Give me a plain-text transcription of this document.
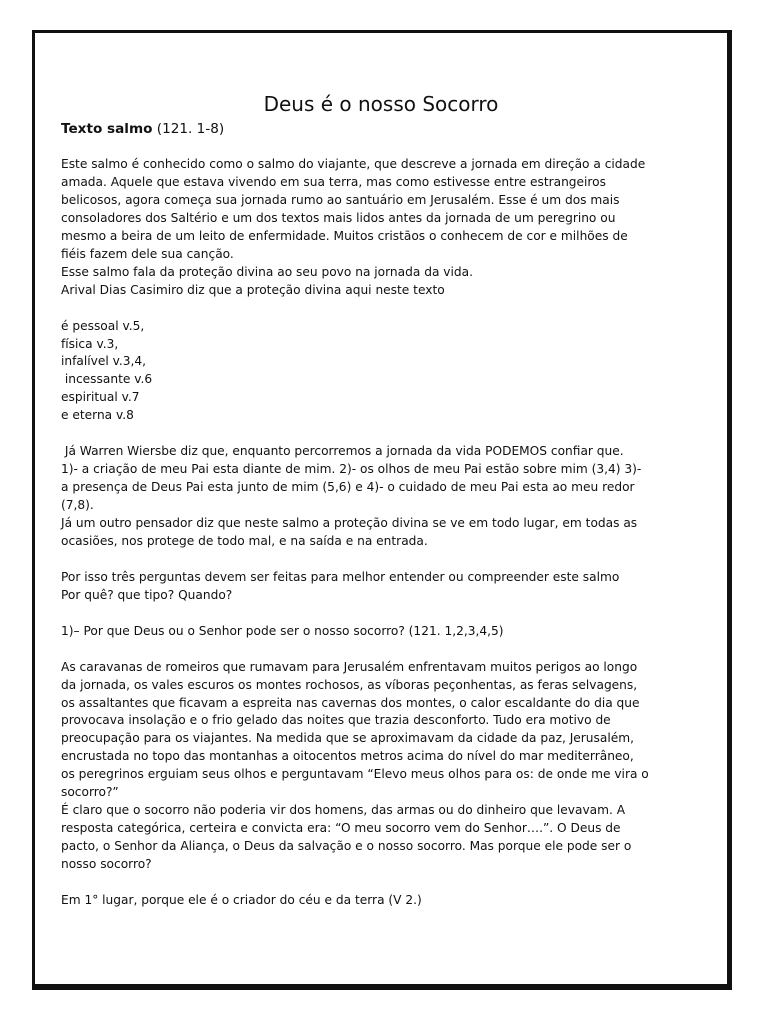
Deus é o nosso Socorro

Texto salmo (121. 1-8)

Este salmo é conhecido como o salmo do viajante, que descreve a jornada em direção a cidade

amada. Aquele que estava vivendo em sua terra, mas como estivesse entre estrangeiros

belicosos, agora começa sua jornada rumo ao santuário em Jerusalém. Esse é um dos mais

consoladores dos Saltério e um dos textos mais lidos antes da jornada de um peregrino ou

mesmo a beira de um leito de enfermidade. Muitos cristãos o conhecem de cor e milhões de

fiéis fazem dele sua canção.

Esse salmo fala da proteção divina ao seu povo na jornada da vida.

Arival Dias Casimiro diz que a proteção divina aqui neste texto

é pessoal v.5,

física v.3,

infalível v.3,4,

incessante v.6

espiritual v.7

e eterna v.8

Já Warren Wiersbe diz que, enquanto percorremos a jornada da vida PODEMOS confiar que.

1)- a criação de meu Pai esta diante de mim. 2)- os olhos de meu Pai estão sobre mim (3,4) 3)-

a presença de Deus Pai esta junto de mim (5,6) e 4)- o cuidado de meu Pai esta ao meu redor

(7,8).

Já um outro pensador diz que neste salmo a proteção divina se ve em todo lugar, em todas as

ocasiões, nos protege de todo mal, e na saída e na entrada.

Por isso três perguntas devem ser feitas para melhor entender ou compreender este salmo

Por quê? que tipo? Quando?

1)– Por que Deus ou o Senhor pode ser o nosso socorro? (121. 1,2,3,4,5)

As caravanas de romeiros que rumavam para Jerusalém enfrentavam muitos perigos ao longo

da jornada, os vales escuros os montes rochosos, as víboras peçonhentas, as feras selvagens,

os assaltantes que ficavam a espreita nas cavernas dos montes, o calor escaldante do dia que

provocava insolação e o frio gelado das noites que trazia desconforto. Tudo era motivo de

preocupação para os viajantes. Na medida que se aproximavam da cidade da paz, Jerusalém,

encrustada no topo das montanhas a oitocentos metros acima do nível do mar mediterrâneo,

os peregrinos erguiam seus olhos e perguntavam “Elevo meus olhos para os: de onde me vira o

socorro?”

É claro que o socorro não poderia vir dos homens, das armas ou do dinheiro que levavam. A

resposta categórica, certeira e convicta era: “O meu socorro vem do Senhor….”. O Deus de

pacto, o Senhor da Aliança, o Deus da salvação e o nosso socorro. Mas porque ele pode ser o

nosso socorro?

Em 1° lugar, porque ele é o criador do céu e da terra (V 2.)
